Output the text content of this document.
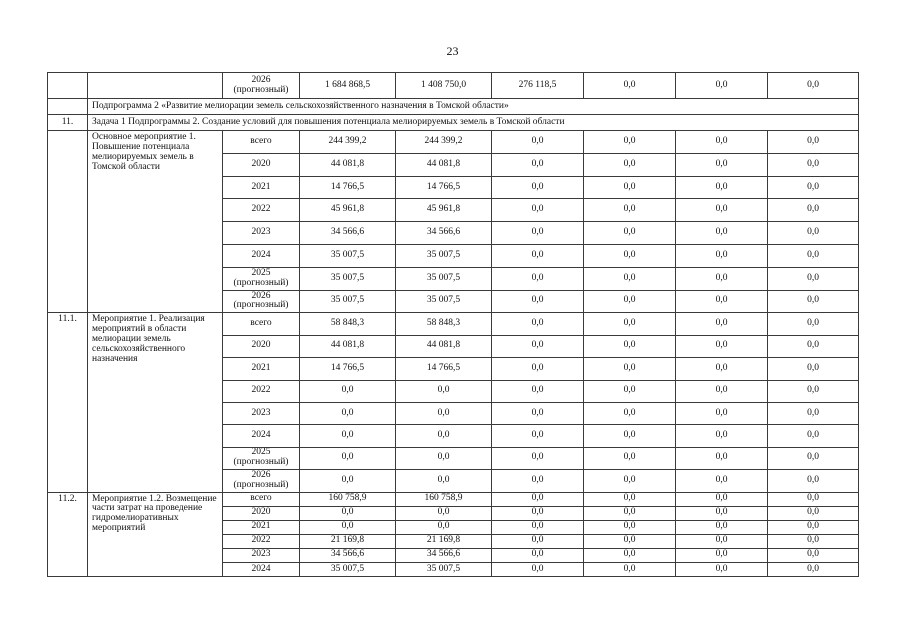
23
		2026 (прогнозный)	1 684 868,5	1 408 750,0	276 118,5	0,0	0,0	0,0
	Подпрограмма 2 «Развитие мелиорации земель сельскохозяйственного назначения в Томской области»							
11.	Задача 1 Подпрограммы 2. Создание условий для повышения потенциала мелиорируемых земель в Томской области							
	Основное мероприятие 1. Повышение потенциала мелиорируемых земель в Томской области	всего	244 399,2	244 399,2	0,0	0,0	0,0	0,0
		2020	44 081,8	44 081,8	0,0	0,0	0,0	0,0
		2021	14 766,5	14 766,5	0,0	0,0	0,0	0,0
		2022	45 961,8	45 961,8	0,0	0,0	0,0	0,0
		2023	34 566,6	34 566,6	0,0	0,0	0,0	0,0
		2024	35 007,5	35 007,5	0,0	0,0	0,0	0,0
		2025 (прогнозный)	35 007,5	35 007,5	0,0	0,0	0,0	0,0
		2026 (прогнозный)	35 007,5	35 007,5	0,0	0,0	0,0	0,0
11.1.	Мероприятие 1. Реализация мероприятий в области мелиорации земель сельскохозяйственного назначения	всего	58 848,3	58 848,3	0,0	0,0	0,0	0,0
		2020	44 081,8	44 081,8	0,0	0,0	0,0	0,0
		2021	14 766,5	14 766,5	0,0	0,0	0,0	0,0
		2022	0,0	0,0	0,0	0,0	0,0	0,0
		2023	0,0	0,0	0,0	0,0	0,0	0,0
		2024	0,0	0,0	0,0	0,0	0,0	0,0
		2025 (прогнозный)	0,0	0,0	0,0	0,0	0,0	0,0
		2026 (прогнозный)	0,0	0,0	0,0	0,0	0,0	0,0
11.2.	Мероприятие 1.2. Возмещение части затрат на проведение гидромелиоративных мероприятий	всего	160 758,9	160 758,9	0,0	0,0	0,0	0,0
		2020	0,0	0,0	0,0	0,0	0,0	0,0
		2021	0,0	0,0	0,0	0,0	0,0	0,0
		2022	21 169,8	21 169,8	0,0	0,0	0,0	0,0
		2023	34 566,6	34 566,6	0,0	0,0	0,0	0,0
		2024	35 007,5	35 007,5	0,0	0,0	0,0	0,0
